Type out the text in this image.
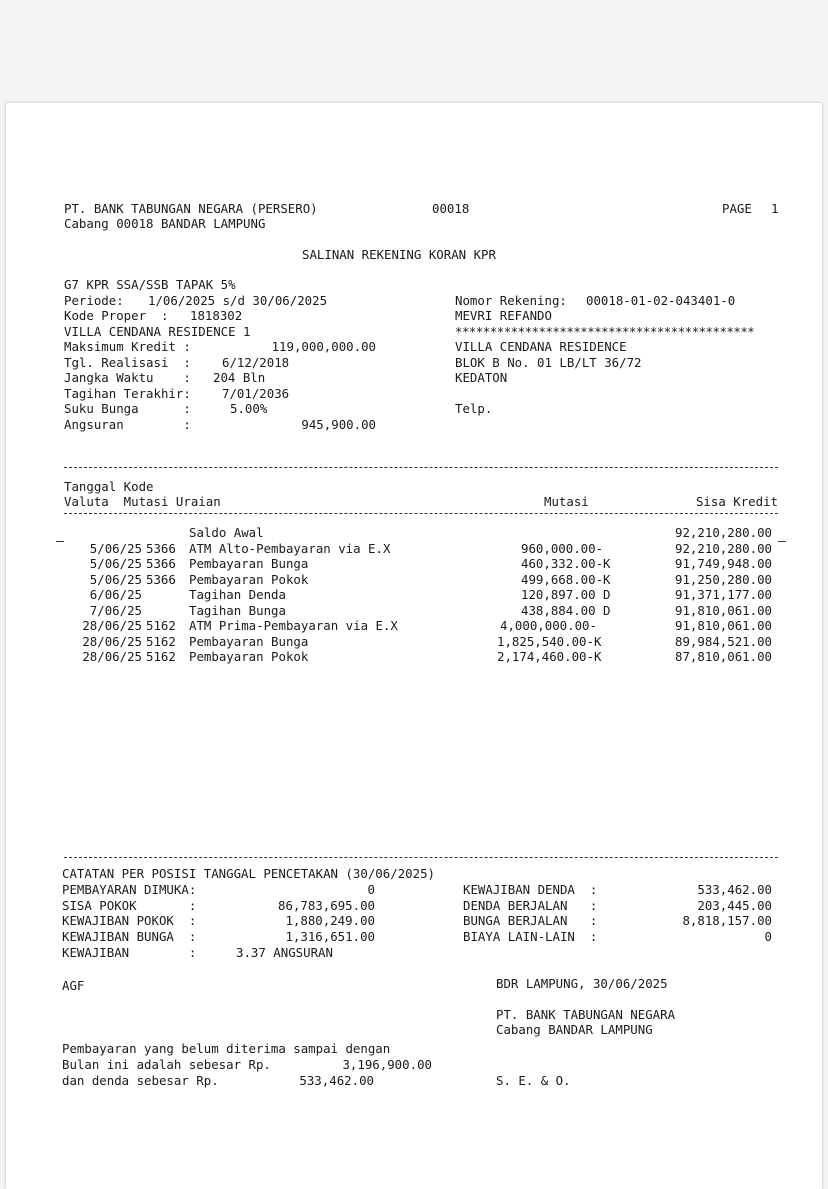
PT. BANK TABUNGAN NEGARA (PERSERO)	00018	PAGE 1
Cabang 00018 BANDAR LAMPUNG
SALINAN REKENING KORAN KPR
G7 KPR SSA/SSB TAPAK 5%
Periode: 1/06/2025 s/d 30/06/2025
Kode Proper  : 1818302
VILLA CENDANA RESIDENCE 1
Maksimum Kredit :	119,000,000.00
Tgl. Realisasi  :	6/12/2018
Jangka Waktu    : 204 Bln
Tagihan Terakhir:	7/01/2036
Suku Bunga      :	5.00%
Angsuran        :	945,900.00
Nomor Rekening: 00018-01-02-043401-0
MEVRI REFANDO
*******************************************
VILLA CENDANA RESIDENCE
BLOK B No. 01 LB/LT 36/72
KEDATON
Telp.
Tanggal Kode
Valuta  Mutasi Uraian	Mutasi	Sisa Kredit
Saldo Awal	92,210,280.00
5/06/25 5366 ATM Alto-Pembayaran via E.X	960,000.00-	92,210,280.00
5/06/25 5366 Pembayaran Bunga	460,332.00-K	91,749,948.00
5/06/25 5366 Pembayaran Pokok	499,668.00-K	91,250,280.00
6/06/25	Tagihan Denda	120,897.00 D	91,371,177.00
7/06/25	Tagihan Bunga	438,884.00 D	91,810,061.00
28/06/25 5162 ATM Prima-Pembayaran via E.X	4,000,000.00-	91,810,061.00
28/06/25 5162 Pembayaran Bunga	1,825,540.00-K	89,984,521.00
28/06/25 5162 Pembayaran Pokok	2,174,460.00-K	87,810,061.00
CATATAN PER POSISI TANGGAL PENCETAKAN (30/06/2025)
PEMBAYARAN DIMUKA:	0
SISA POKOK       :	86,783,695.00
KEWAJIBAN POKOK  :	1,880,249.00
KEWAJIBAN BUNGA  :	1,316,651.00
KEWAJIBAN        :	3.37 ANGSURAN
KEWAJIBAN DENDA  :	533,462.00
DENDA BERJALAN   :	203,445.00
BUNGA BERJALAN   :	8,818,157.00
BIAYA LAIN-LAIN  :	0
AGF	BDR LAMPUNG, 30/06/2025
PT. BANK TABUNGAN NEGARA
Cabang BANDAR LAMPUNG
Pembayaran yang belum diterima sampai dengan
Bulan ini adalah sebesar Rp.	3,196,900.00
dan denda sebesar Rp.	533,462.00	S. E. & O.
